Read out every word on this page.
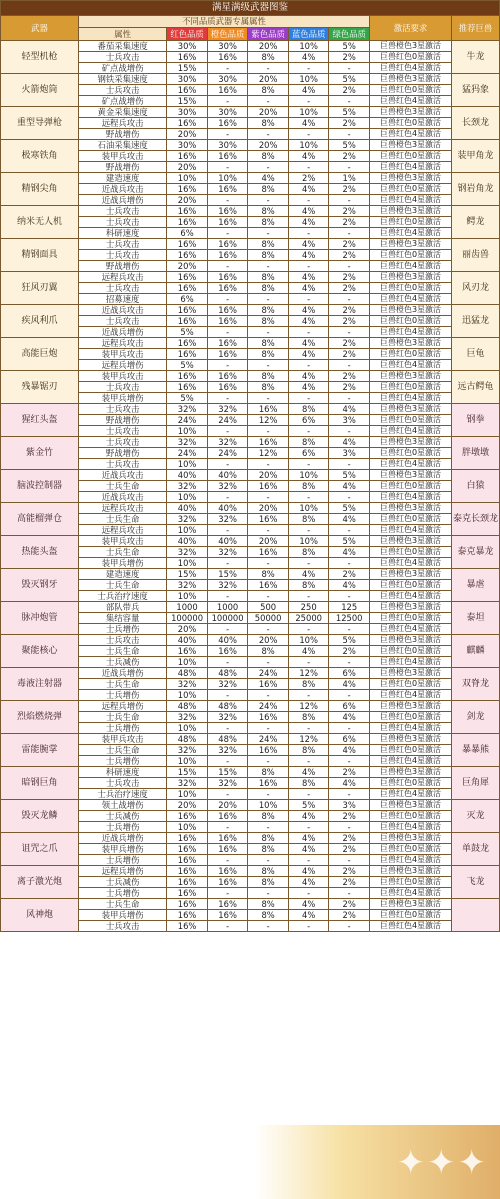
满星满级武器图鉴								
武器	不同品质武器专属属性						激活要求	推荐巨兽
	属性	红色品质	橙色品质	紫色品质	蓝色品质	绿色品质		
轻型机枪	番茄采集速度	30%	30%	20%	10%	5%	巨兽橙色3星激活	牛龙
	士兵攻击	16%	16%	8%	4%	2%	巨兽红色0星激活	
	矿点战增伤	15%	-	-	-	-	巨兽红色4星激活	
火箭炮筒	钢铁采集速度	30%	30%	20%	10%	5%	巨兽橙色3星激活	猛犸象
	士兵攻击	16%	16%	8%	4%	2%	巨兽红色0星激活	
	矿点战增伤	15%	-	-	-	-	巨兽红色4星激活	
重型导弹枪	黄金采集速度	30%	30%	20%	10%	5%	巨兽橙色3星激活	长颈龙
	远程兵攻击	16%	16%	8%	4%	2%	巨兽红色0星激活	
	野战增伤	20%	-	-	-	-	巨兽红色4星激活	
极寒铁角	石油采集速度	30%	30%	20%	10%	5%	巨兽橙色3星激活	装甲角龙
	装甲兵攻击	16%	16%	8%	4%	2%	巨兽红色0星激活	
	野战增伤	20%	-	-	-	-	巨兽红色4星激活	
精钢尖角	建造速度	10%	10%	4%	2%	1%	巨兽橙色3星激活	钢岩角龙
	近战兵攻击	16%	16%	8%	4%	2%	巨兽红色0星激活	
	近战兵增伤	20%	-	-	-	-	巨兽红色4星激活	
纳米无人机	士兵攻击	16%	16%	8%	4%	2%	巨兽橙色3星激活	鳄龙
	士兵攻击	16%	16%	8%	4%	2%	巨兽红色0星激活	
	科研速度	6%	-	-	-	-	巨兽红色4星激活	
精钢面具	士兵攻击	16%	16%	8%	4%	2%	巨兽橙色3星激活	丽齿兽
	士兵攻击	16%	16%	8%	4%	2%	巨兽红色0星激活	
	野战增伤	20%	-	-	-	-	巨兽红色4星激活	
狂风刃翼	远程兵攻击	16%	16%	8%	4%	2%	巨兽橙色3星激活	风刃龙
	士兵攻击	16%	16%	8%	4%	2%	巨兽红色0星激活	
	招募速度	6%	-	-	-	-	巨兽红色4星激活	
疾风利爪	近战兵攻击	16%	16%	8%	4%	2%	巨兽橙色3星激活	迅猛龙
	士兵攻击	16%	16%	8%	4%	2%	巨兽红色0星激活	
	近战兵增伤	5%	-	-	-	-	巨兽红色4星激活	
高能巨炮	远程兵攻击	16%	16%	8%	4%	2%	巨兽橙色3星激活	巨龟
	装甲兵攻击	16%	16%	8%	4%	2%	巨兽红色0星激活	
	远程兵增伤	5%	-	-	-	-	巨兽红色4星激活	
残暴锯刃	装甲兵攻击	16%	16%	8%	4%	2%	巨兽橙色3星激活	远古鳄龟
	士兵攻击	16%	16%	8%	4%	2%	巨兽红色0星激活	
	装甲兵增伤	5%	-	-	-	-	巨兽红色4星激活	
猩红头盔	士兵攻击	32%	32%	16%	8%	4%	巨兽橙色3星激活	钢拳
	野战增伤	24%	24%	12%	6%	3%	巨兽红色0星激活	
	士兵攻击	10%	-	-	-	-	巨兽红色4星激活	
紫金竹	士兵攻击	32%	32%	16%	8%	4%	巨兽橙色3星激活	胖墩墩
	野战增伤	24%	24%	12%	6%	3%	巨兽红色0星激活	
	士兵攻击	10%	-	-	-	-	巨兽红色4星激活	
脑波控制器	近战兵攻击	40%	40%	20%	10%	5%	巨兽橙色3星激活	白猿
	士兵生命	32%	32%	16%	8%	4%	巨兽红色0星激活	
	近战兵攻击	10%	-	-	-	-	巨兽红色4星激活	
高能榴弹仓	远程兵攻击	40%	40%	20%	10%	5%	巨兽橙色3星激活	泰克长颈龙
	士兵生命	32%	32%	16%	8%	4%	巨兽红色0星激活	
	远程兵攻击	10%	-	-	-	-	巨兽红色4星激活	
热能头盔	装甲兵攻击	40%	40%	20%	10%	5%	巨兽橙色3星激活	泰克暴龙
	士兵生命	32%	32%	16%	8%	4%	巨兽红色0星激活	
	装甲兵增伤	10%	-	-	-	-	巨兽红色4星激活	
毁灭钢牙	建造速度	15%	15%	8%	4%	2%	巨兽橙色3星激活	暴虐
	士兵生命	32%	32%	16%	8%	4%	巨兽红色0星激活	
	士兵治疗速度	10%	-	-	-	-	巨兽红色4星激活	
脉冲炮管	部队带兵	1000	1000	500	250	125	巨兽橙色3星激活	泰坦
	集结容量	100000	100000	50000	25000	12500	巨兽红色0星激活	
	士兵增伤	20%	-	-	-	-	巨兽红色4星激活	
聚能核心	士兵攻击	40%	40%	20%	10%	5%	巨兽橙色3星激活	麒麟
	士兵生命	16%	16%	8%	4%	2%	巨兽红色0星激活	
	士兵减伤	10%	-	-	-	-	巨兽红色4星激活	
毒液注射器	近战兵增伤	48%	48%	24%	12%	6%	巨兽橙色3星激活	双脊龙
	士兵生命	32%	32%	16%	8%	4%	巨兽红色0星激活	
	士兵增伤	10%	-	-	-	-	巨兽红色4星激活	
烈焰燃烧弹	远程兵增伤	48%	48%	24%	12%	6%	巨兽橙色3星激活	剑龙
	士兵生命	32%	32%	16%	8%	4%	巨兽红色0星激活	
	士兵增伤	10%	-	-	-	-	巨兽红色4星激活	
雷能腕掌	装甲兵攻击	48%	48%	24%	12%	6%	巨兽橙色3星激活	暴暴熊
	士兵生命	32%	32%	16%	8%	4%	巨兽红色0星激活	
	士兵增伤	10%	-	-	-	-	巨兽红色4星激活	
暗钢巨角	科研速度	15%	15%	8%	4%	2%	巨兽橙色3星激活	巨角犀
	士兵攻击	32%	32%	16%	8%	4%	巨兽红色0星激活	
	士兵治疗速度	10%	-	-	-	-	巨兽红色4星激活	
毁灭龙鳞	领土战增伤	20%	20%	10%	5%	3%	巨兽橙色3星激活	灭龙
	士兵减伤	16%	16%	8%	4%	2%	巨兽红色0星激活	
	士兵增伤	10%	-	-	-	-	巨兽红色4星激活	
诅咒之爪	近战兵增伤	16%	16%	8%	4%	2%	巨兽橙色3星激活	单鼓龙
	装甲兵增伤	16%	16%	8%	4%	2%	巨兽红色0星激活	
	士兵增伤	16%	-	-	-	-	巨兽红色4星激活	
离子激光炮	远程兵增伤	16%	16%	8%	4%	2%	巨兽橙色3星激活	飞龙
	士兵减伤	16%	16%	8%	4%	2%	巨兽红色0星激活	
	士兵增伤	16%	-	-	-	-	巨兽红色4星激活	
风神炮	士兵生命	16%	16%	8%	4%	2%	巨兽橙色3星激活	
	装甲兵增伤	16%	16%	8%	4%	2%	巨兽红色0星激活	
	士兵攻击	16%	-	-	-	-	巨兽红色4星激活	
✦✦✦
